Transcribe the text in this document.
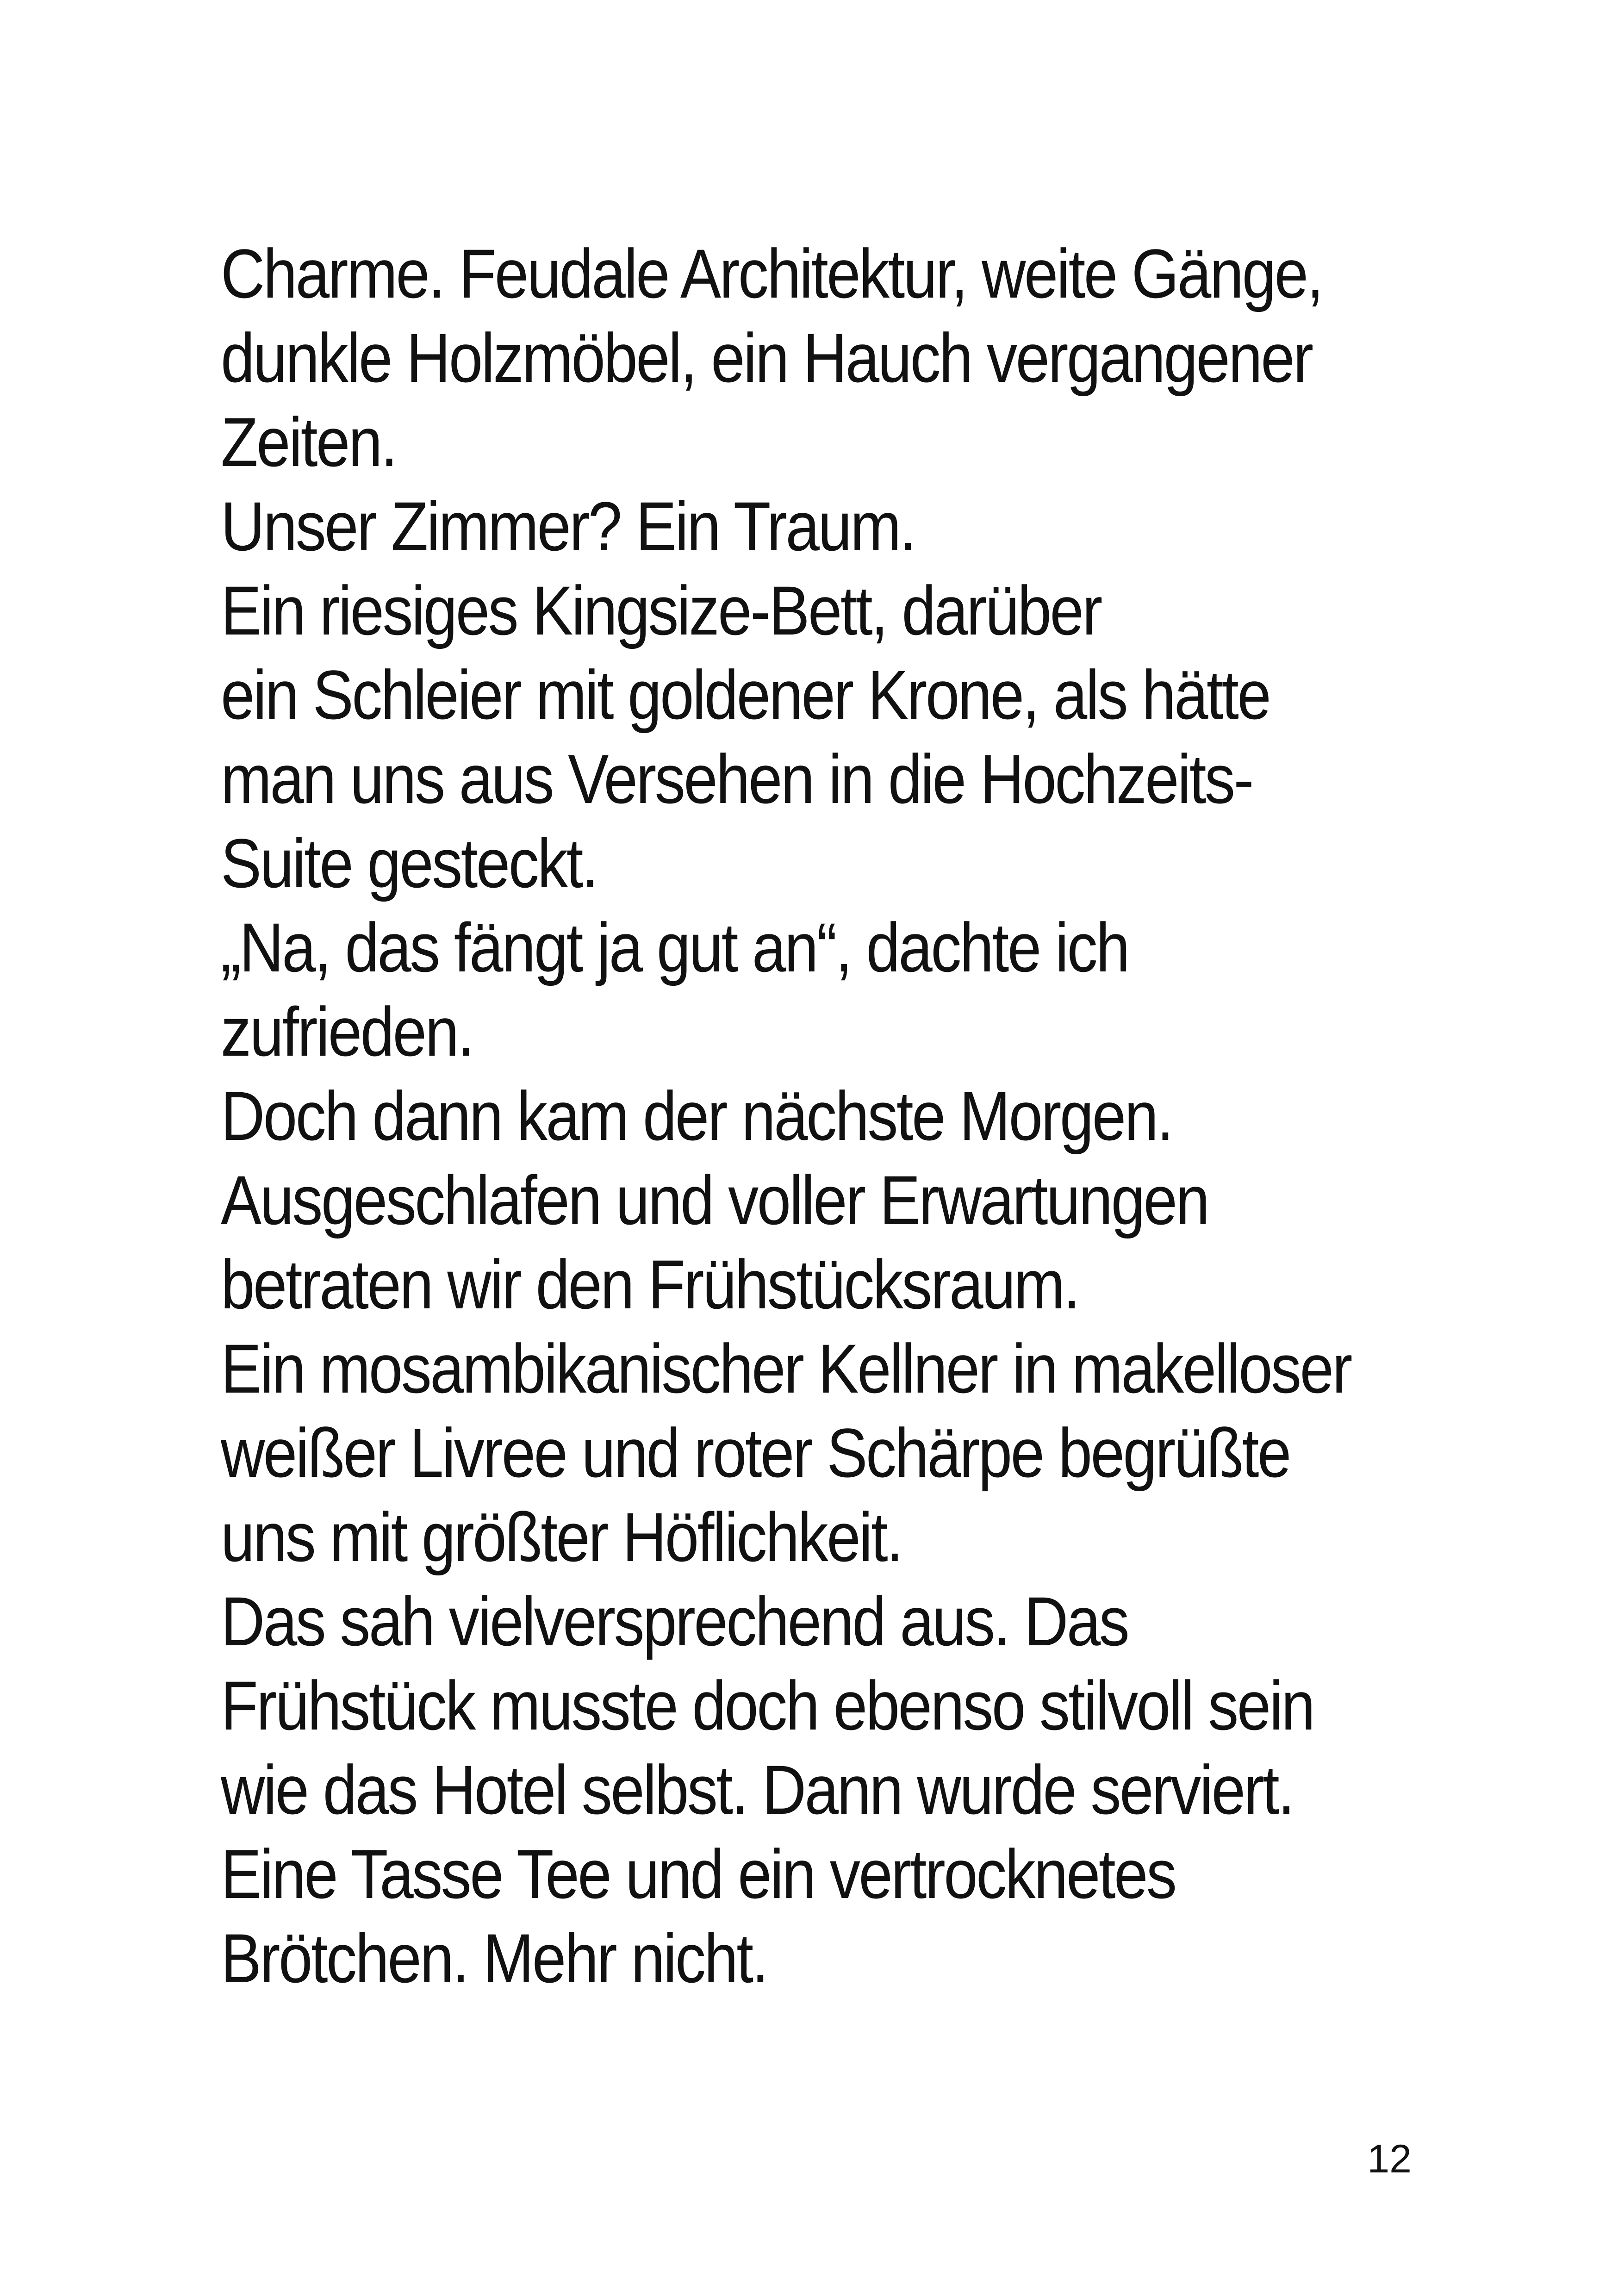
Charme. Feudale Architektur, weite Gänge,
dunkle Holzmöbel, ein Hauch vergangener
Zeiten.
Unser Zimmer? Ein Traum.
Ein riesiges Kingsize-Bett, darüber
ein Schleier mit goldener Krone, als hätte
man uns aus Versehen in die Hochzeits-
Suite gesteckt.
„Na, das fängt ja gut an“, dachte ich
zufrieden.
Doch dann kam der nächste Morgen.
Ausgeschlafen und voller Erwartungen
betraten wir den Frühstücksraum.
Ein mosambikanischer Kellner in makelloser
weißer Livree und roter Schärpe begrüßte
uns mit größter Höflichkeit.
Das sah vielversprechend aus. Das
Frühstück musste doch ebenso stilvoll sein
wie das Hotel selbst. Dann wurde serviert.
Eine Tasse Tee und ein vertrocknetes
Brötchen. Mehr nicht.
12
